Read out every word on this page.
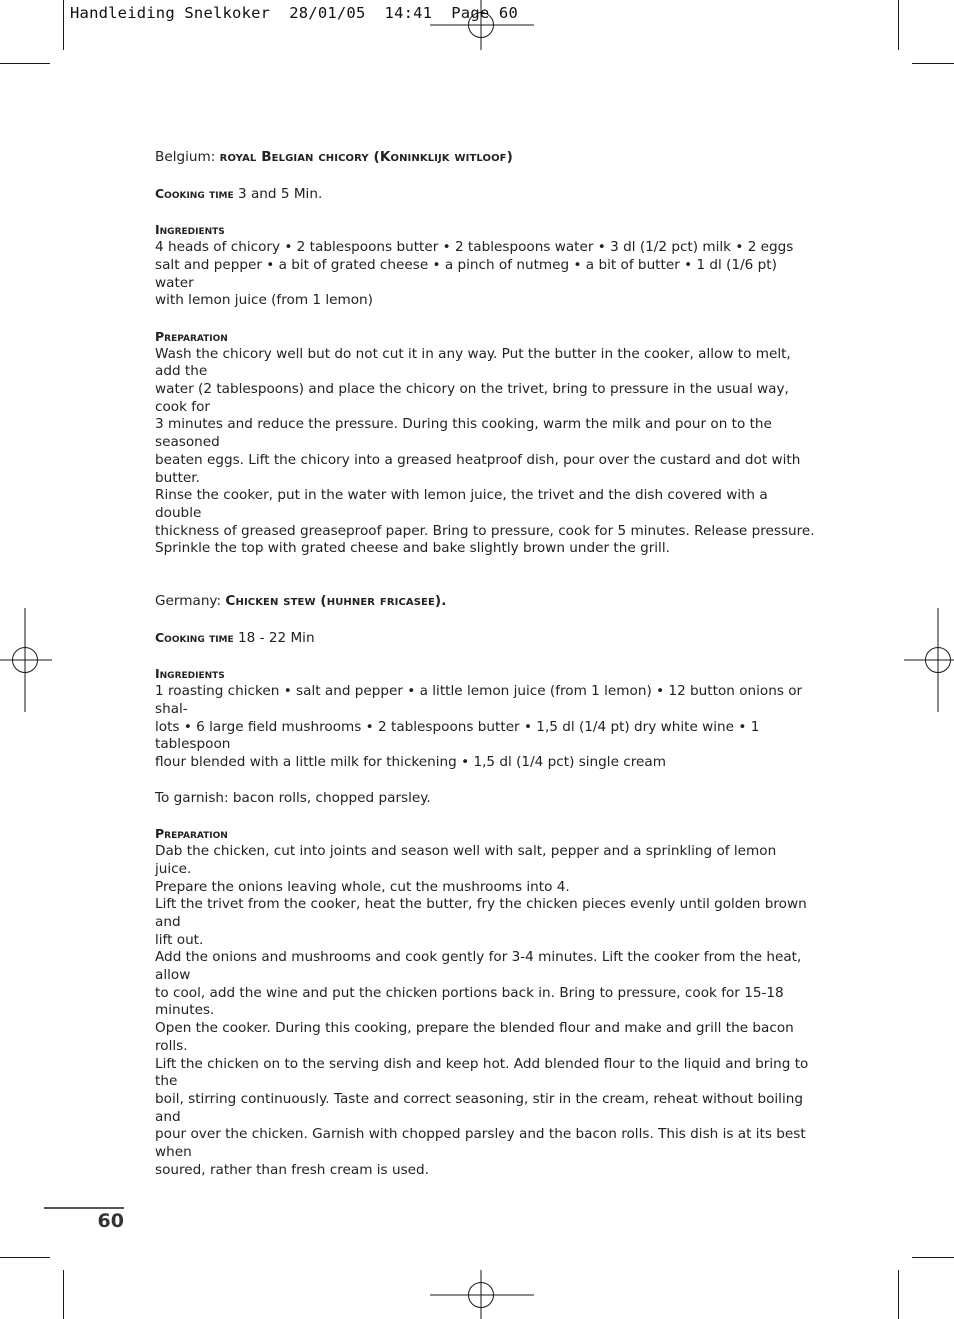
Handleiding Snelkoker  28/01/05  14:41  Page 60

Belgium: royal Belgian chicory (Koninklijk witloof)

Cooking time 3 and 5 Min.

Ingredients

4 heads of chicory • 2 tablespoons butter • 2 tablespoons water • 3 dl (1/2 pct) milk • 2 eggs

salt and pepper • a bit of grated cheese • a pinch of nutmeg • a bit of butter • 1 dl (1/6 pt) water

with lemon juice (from 1 lemon)

Preparation

Wash the chicory well but do not cut it in any way. Put the butter in the cooker, allow to melt, add the

water (2 tablespoons) and place the chicory on the trivet, bring to pressure in the usual way, cook for

3 minutes and reduce the pressure. During this cooking, warm the milk and pour on to the seasoned

beaten eggs. Lift the chicory into a greased heatproof dish, pour over the custard and dot with butter.

Rinse the cooker, put in the water with lemon juice, the trivet and the dish covered with a double

thickness of greased greaseproof paper. Bring to pressure, cook for 5 minutes. Release pressure.

Sprinkle the top with grated cheese and bake slightly brown under the grill.

Germany: Chicken stew (huhner fricasee).

Cooking time 18 - 22 Min

Ingredients

1 roasting chicken • salt and pepper • a little lemon juice (from 1 lemon) • 12 button onions or shal-

lots • 6 large field mushrooms • 2 tablespoons butter • 1,5 dl (1/4 pt) dry white wine • 1 tablespoon

flour blended with a little milk for thickening • 1,5 dl (1/4 pct) single cream

To garnish: bacon rolls, chopped parsley.

Preparation

Dab the chicken, cut into joints and season well with salt, pepper and a sprinkling of lemon juice.

Prepare the onions leaving whole, cut the mushrooms into 4.

Lift the trivet from the cooker, heat the butter, fry the chicken pieces evenly until golden brown and

lift out.

Add the onions and mushrooms and cook gently for 3-4 minutes. Lift the cooker from the heat, allow

to cool, add the wine and put the chicken portions back in. Bring to pressure, cook for 15-18 minutes.

Open the cooker. During this cooking, prepare the blended flour and make and grill the bacon rolls.

Lift the chicken on to the serving dish and keep hot. Add blended flour to the liquid and bring to the

boil, stirring continuously. Taste and correct seasoning, stir in the cream, reheat without boiling and

pour over the chicken. Garnish with chopped parsley and the bacon rolls. This dish is at its best when

soured, rather than fresh cream is used.

60
